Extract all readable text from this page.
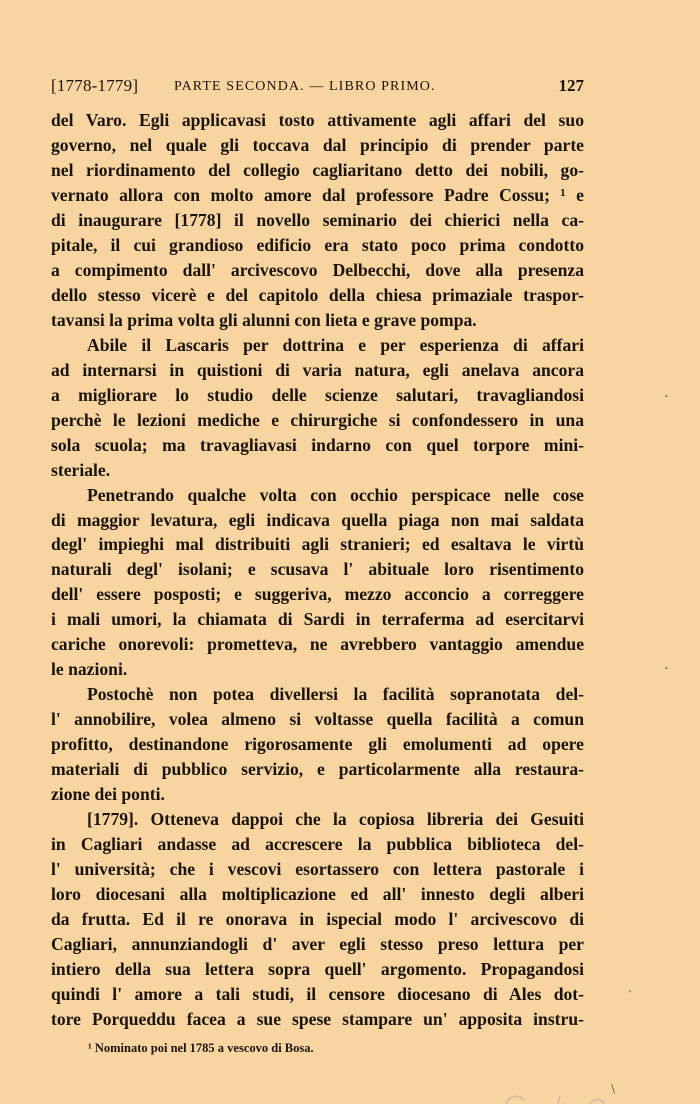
[1778-1779]	PARTE SECONDA. — LIBRO PRIMO.	127
del Varo. Egli applicavasi tosto attivamente agli affari del suo
governo, nel quale gli toccava dal principio di prender parte
nel riordinamento del collegio cagliaritano detto dei nobili, go-
vernato allora con molto amore dal professore Padre Cossu; ¹ e
di inaugurare [1778] il novello seminario dei chierici nella ca-
pitale, il cui grandioso edificio era stato poco prima condotto
a compimento dall' arcivescovo Delbecchi, dove alla presenza
dello stesso vicerè e del capitolo della chiesa primaziale traspor-
tavansi la prima volta gli alunni con lieta e grave pompa.
Abile il Lascaris per dottrina e per esperienza di affari
ad internarsi in quistioni di varia natura, egli anelava ancora
a migliorare lo studio delle scienze salutari, travagliandosi
perchè le lezioni mediche e chirurgiche si confondessero in una
sola scuola; ma travagliavasi indarno con quel torpore mini-
steriale.
Penetrando qualche volta con occhio perspicace nelle cose
di maggior levatura, egli indicava quella piaga non mai saldata
degl' impieghi mal distribuiti agli stranieri; ed esaltava le virtù
naturali degl' isolani; e scusava l' abituale loro risentimento
dell' essere posposti; e suggeriva, mezzo acconcio a correggere
i mali umori, la chiamata di Sardi in terraferma ad esercitarvi
cariche onorevoli: prometteva, ne avrebbero vantaggio amendue
le nazioni.
Postochè non potea divellersi la facilità sopranotata del-
l' annobilire, volea almeno si voltasse quella facilità a comun
profitto, destinandone rigorosamente gli emolumenti ad opere
materiali di pubblico servizio, e particolarmente alla restaura-
zione dei ponti.
[1779]. Otteneva dappoi che la copiosa libreria dei Gesuiti
in Cagliari andasse ad accrescere la pubblica biblioteca del-
l' università; che i vescovi esortassero con lettera pastorale i
loro diocesani alla moltiplicazione ed all' innesto degli alberi
da frutta. Ed il re onorava in ispecial modo l' arcivescovo di
Cagliari, annunziandogli d' aver egli stesso preso lettura per
intiero della sua lettera sopra quell' argomento. Propagandosi
quindi l' amore a tali studi, il censore diocesano di Ales dot-
tore Porqueddu facea a sue spese stampare un' apposita instru-
¹ Nominato poi nel 1785 a vescovo di Bosa.
·
·
'
/
